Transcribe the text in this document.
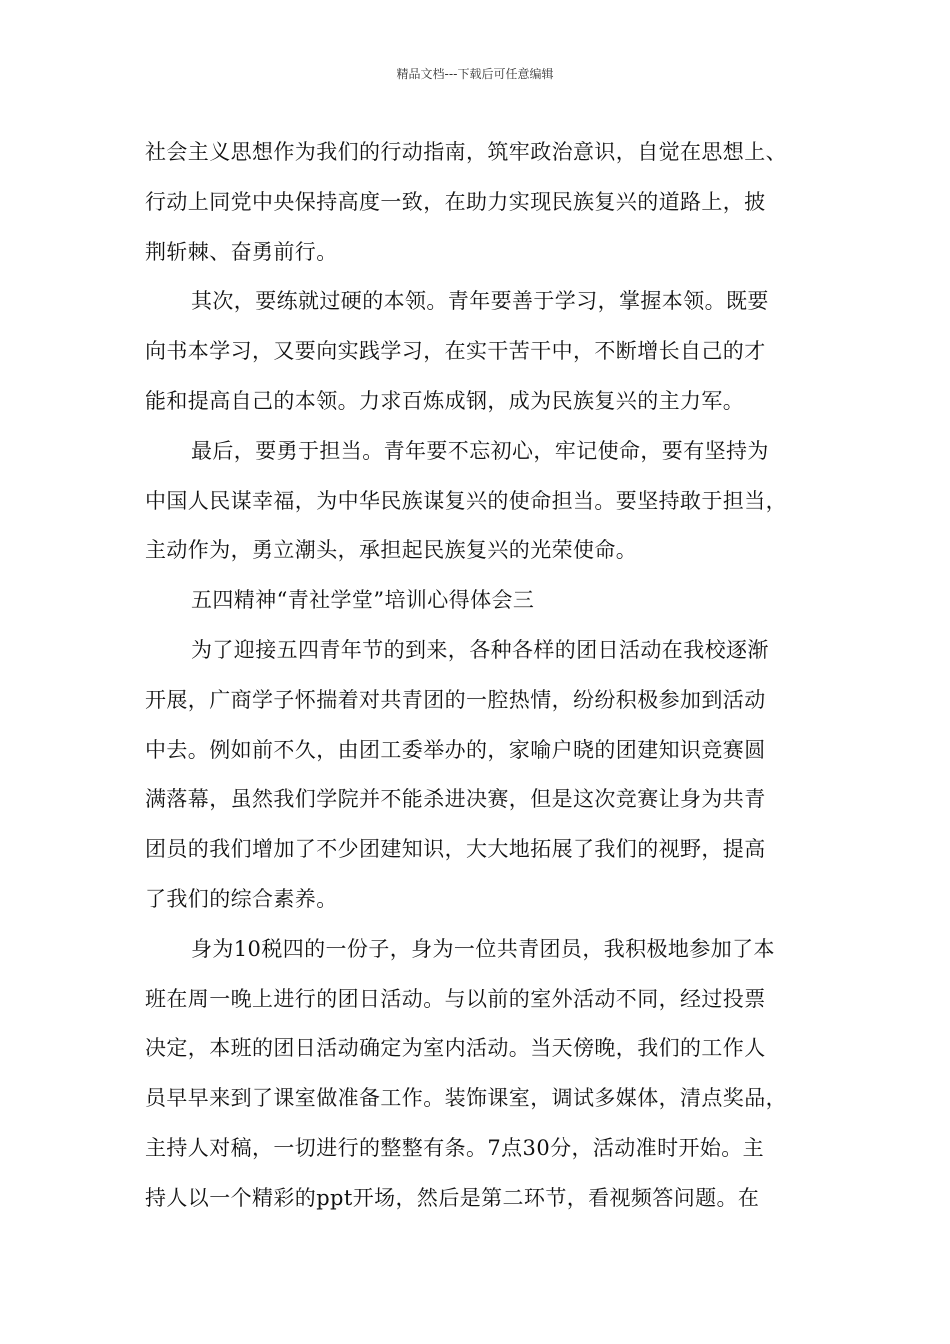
精品文档---下载后可任意编辑
社会主义思想作为我们的行动指南，筑牢政治意识，自觉在思想上、
行动上同党中央保持高度一致，在助力实现民族复兴的道路上，披
荆斩棘、奋勇前行。
其次，要练就过硬的本领。青年要善于学习，掌握本领。既要
向书本学习，又要向实践学习，在实干苦干中，不断增长自己的才
能和提高自己的本领。力求百炼成钢，成为民族复兴的主力军。
最后，要勇于担当。青年要不忘初心，牢记使命，要有坚持为
中国人民谋幸福，为中华民族谋复兴的使命担当。要坚持敢于担当，
主动作为，勇立潮头，承担起民族复兴的光荣使命。
五四精神“青社学堂”培训心得体会三
为了迎接五四青年节的到来，各种各样的团日活动在我校逐渐
开展，广商学子怀揣着对共青团的一腔热情，纷纷积极参加到活动
中去。例如前不久，由团工委举办的，家喻户晓的团建知识竞赛圆
满落幕，虽然我们学院并不能杀进决赛，但是这次竞赛让身为共青
团员的我们增加了不少团建知识，大大地拓展了我们的视野，提高
了我们的综合素养。
身为10税四的一份子，身为一位共青团员，我积极地参加了本
班在周一晚上进行的团日活动。与以前的室外活动不同，经过投票
决定，本班的团日活动确定为室内活动。当天傍晚，我们的工作人
员早早来到了课室做准备工作。装饰课室，调试多媒体，清点奖品，
主持人对稿，一切进行的整整有条。7点30分，活动准时开始。主
持人以一个精彩的ppt开场，然后是第二环节，看视频答问题。在
